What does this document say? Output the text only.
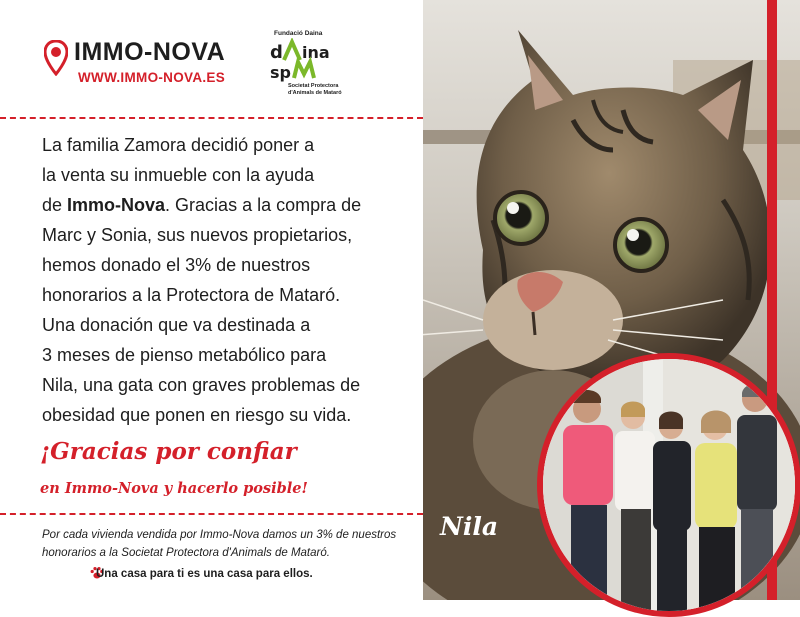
IMMO-NOVA
WWW.IMMO-NOVA.ES
Fundació Daina
d ina
sp
Societat Protectora d'Animals de Mataró
La familia Zamora decidió poner a
la venta su inmueble con la ayuda
de Immo-Nova. Gracias a la compra de
Marc y Sonia, sus nuevos propietarios,
hemos donado el 3% de nuestros
honorarios a la Protectora de Mataró.
Una donación que va destinada a
3 meses de pienso metabólico para
Nila, una gata con graves problemas de
obesidad que ponen en riesgo su vida.
¡Gracias por confiar
en Immo-Nova y hacerlo posible!
Por cada vivienda vendida por Immo-Nova damos un 3% de nuestros honorarios a la Societat Protectora d'Animals de Mataró.
Una casa para ti es una casa para ellos.
Nila
